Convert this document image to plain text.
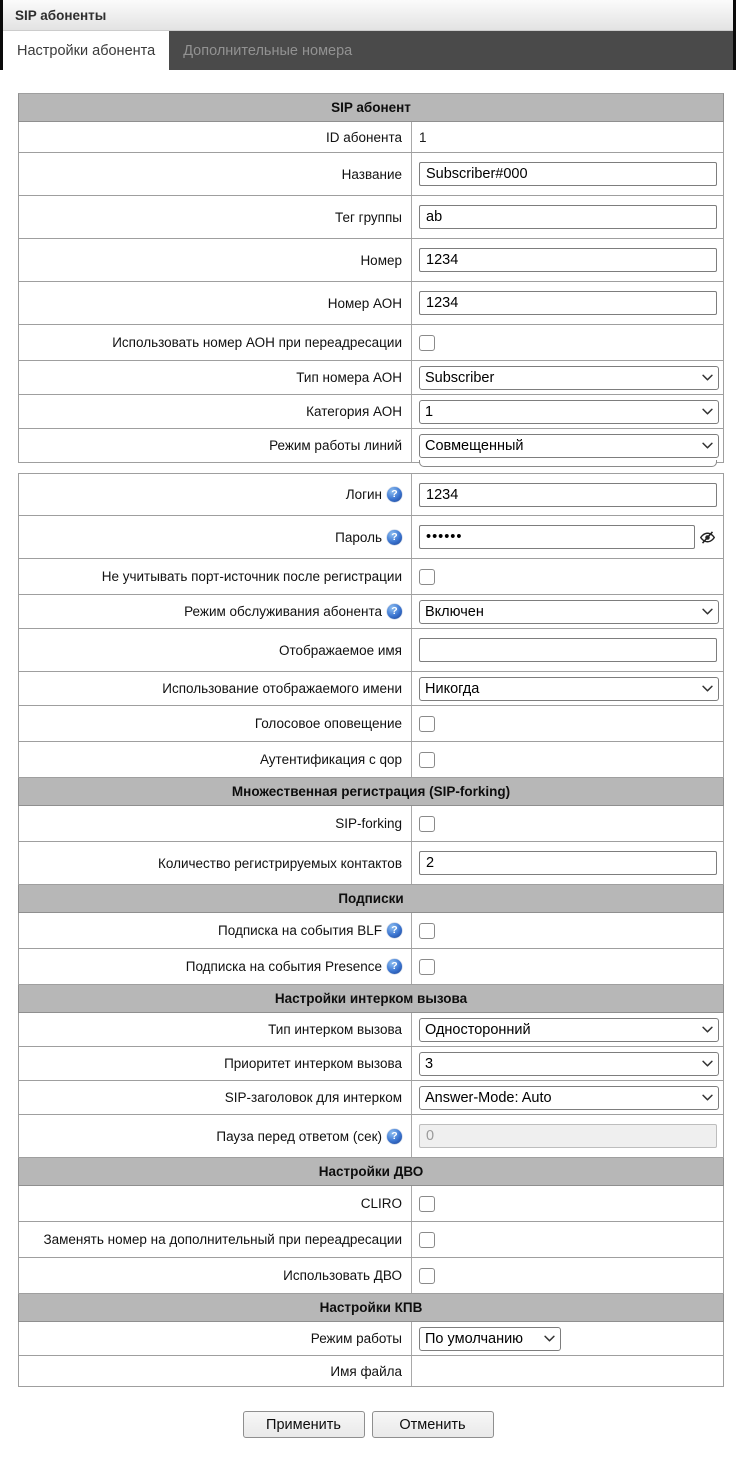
SIP абоненты
Настройки абонента	Дополнительные номера
SIP абонент
ID абонента 1
Название
Subscriber#000
Тег группы
ab
Номер
1234
Номер АОН
1234
Использовать номер АОН при переадресации
Тип номера АОН
Subscriber
Категория АОН
1
Режим работы линий
Совмещенный
Логин ?
1234
Пароль ?
••••••
Не учитывать порт-источник после регистрации
Режим обслуживания абонента ?
Включен
Отображаемое имя
Использование отображаемого имени
Никогда
Голосовое оповещение
Аутентификация с qop
Множественная регистрация (SIP-forking)
SIP-forking
Количество регистрируемых контактов
2
Подписки
Подписка на события BLF ?
Подписка на события Presence ?
Настройки интерком вызова
Тип интерком вызова
Односторонний
Приоритет интерком вызова
3
SIP-заголовок для интерком
Answer-Mode: Auto
Пауза перед ответом (сек) ?
0
Настройки ДВО
CLIRO
Заменять номер на дополнительный при переадресации
Использовать ДВО
Настройки КПВ
Режим работы
По умолчанию
Имя файла
Применить	Отменить
